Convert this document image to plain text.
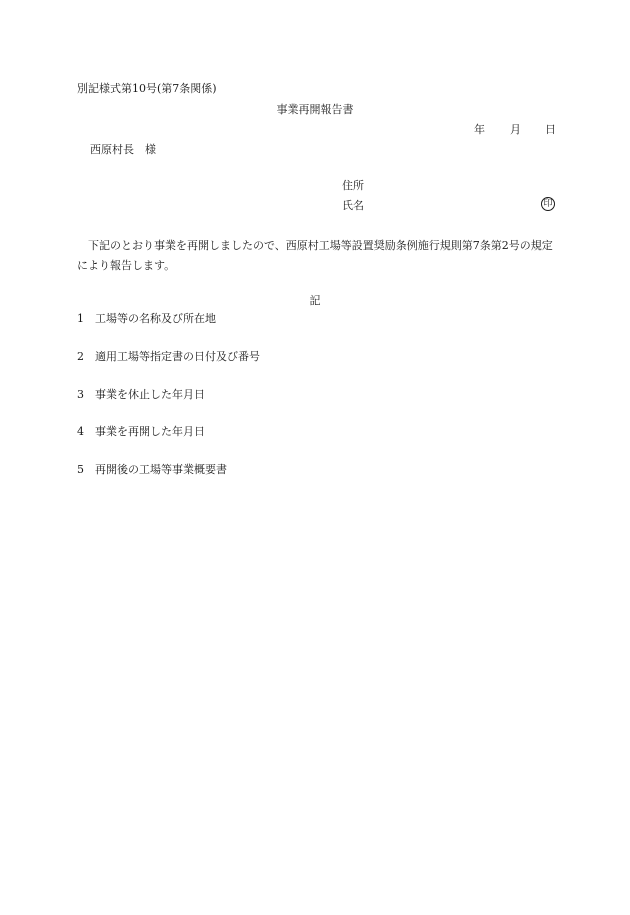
別記様式第10号(第7条関係)
事業再開報告書
年 月 日
西原村長　様
住所
氏名	印
下記のとおり事業を再開しましたので、西原村工場等設置奨励条例施行規則第7条第2号の規定により報告します。
記
1 工場等の名称及び所在地
2 適用工場等指定書の日付及び番号
3 事業を休止した年月日
4 事業を再開した年月日
5 再開後の工場等事業概要書
